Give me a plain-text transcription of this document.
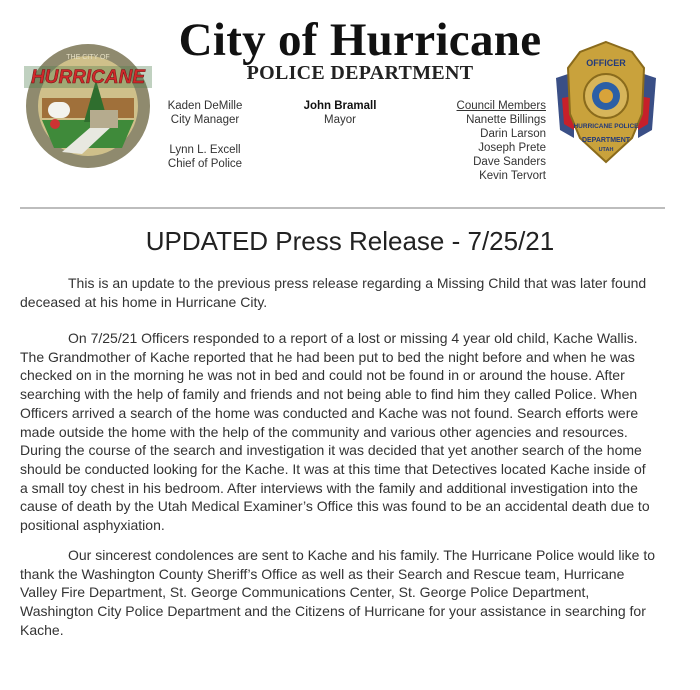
HURRICANE
THE CITY OF
OFFICER
HURRICANE POLICE
DEPARTMENT
UTAH
City of Hurricane
POLICE DEPARTMENT
Kaden DeMille
City Manager
Lynn L. Excell
Chief of Police
John Bramall
Mayor
Council Members
Nanette Billings
Darin Larson
Joseph Prete
Dave Sanders
Kevin Tervort
UPDATED Press Release - 7/25/21

This is an update to the previous press release regarding a Missing Child that was later found deceased at his home in Hurricane City.

On 7/25/21 Officers responded to a report of a lost or missing 4 year old child, Kache Wallis. The Grandmother of Kache reported that he had been put to bed the night before and when he was checked on in the morning he was not in bed and could not be found in or around the house. After searching with the help of family and friends and not being able to find him they called Police. When Officers arrived a search of the home was conducted and Kache was not found. Search efforts were made outside the home with the help of the community and various other agencies and resources. During the course of the search and investigation it was decided that yet another search of the home should be conducted looking for the Kache. It was at this time that Detectives located Kache inside of a small toy chest in his bedroom. After interviews with the family and additional investigation into the cause of death by the Utah Medical Examiner’s Office this was found to be an accidental death due to positional asphyxiation.

Our sincerest condolences are sent to Kache and his family. The Hurricane Police would like to thank the Washington County Sheriff’s Office as well as their Search and Rescue team, Hurricane Valley Fire Department, St. George Communications Center, St. George Police Department, Washington City Police Department and the Citizens of Hurricane for your assistance in searching for Kache.
